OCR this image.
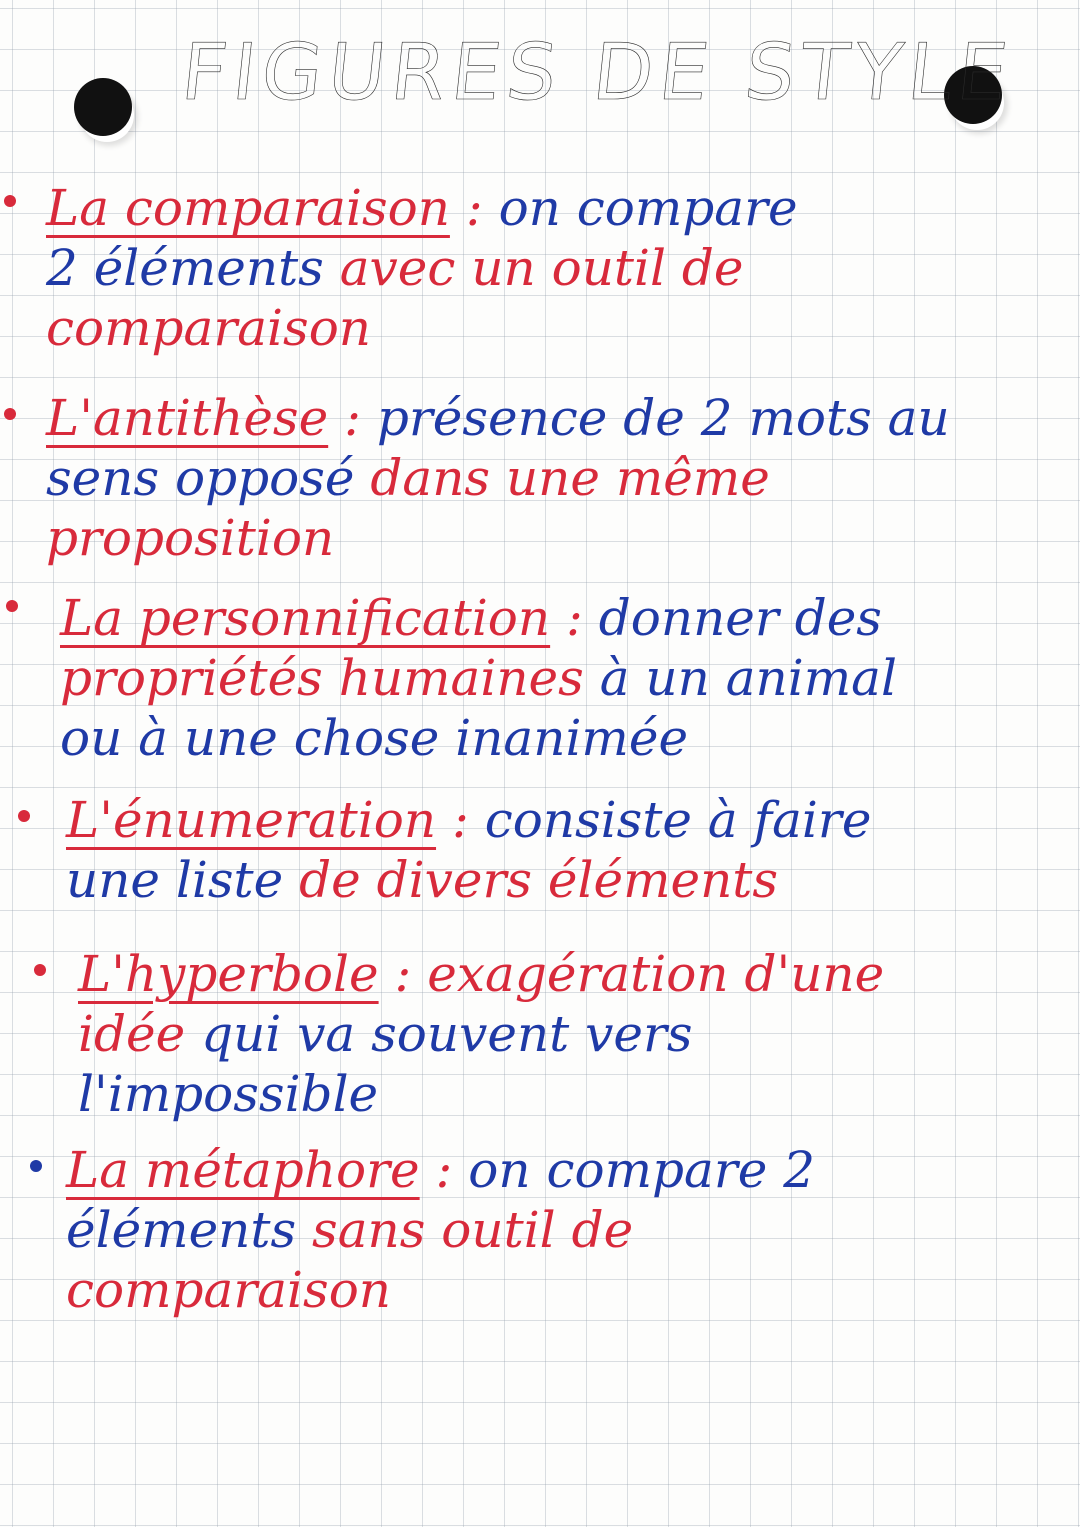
FIGURES DE STYLE
La comparaison : on compare
2 éléments avec un outil de
comparaison
L'antithèse : présence de 2 mots au
sens opposé dans une même
proposition
La personnification : donner des
propriétés humaines à un animal
ou à une chose inanimée
L'énumeration : consiste à faire
une liste de divers éléments
L'hyperbole : exagération d'une
idée qui va souvent vers
l'impossible
La métaphore : on compare 2
éléments sans outil de
comparaison
